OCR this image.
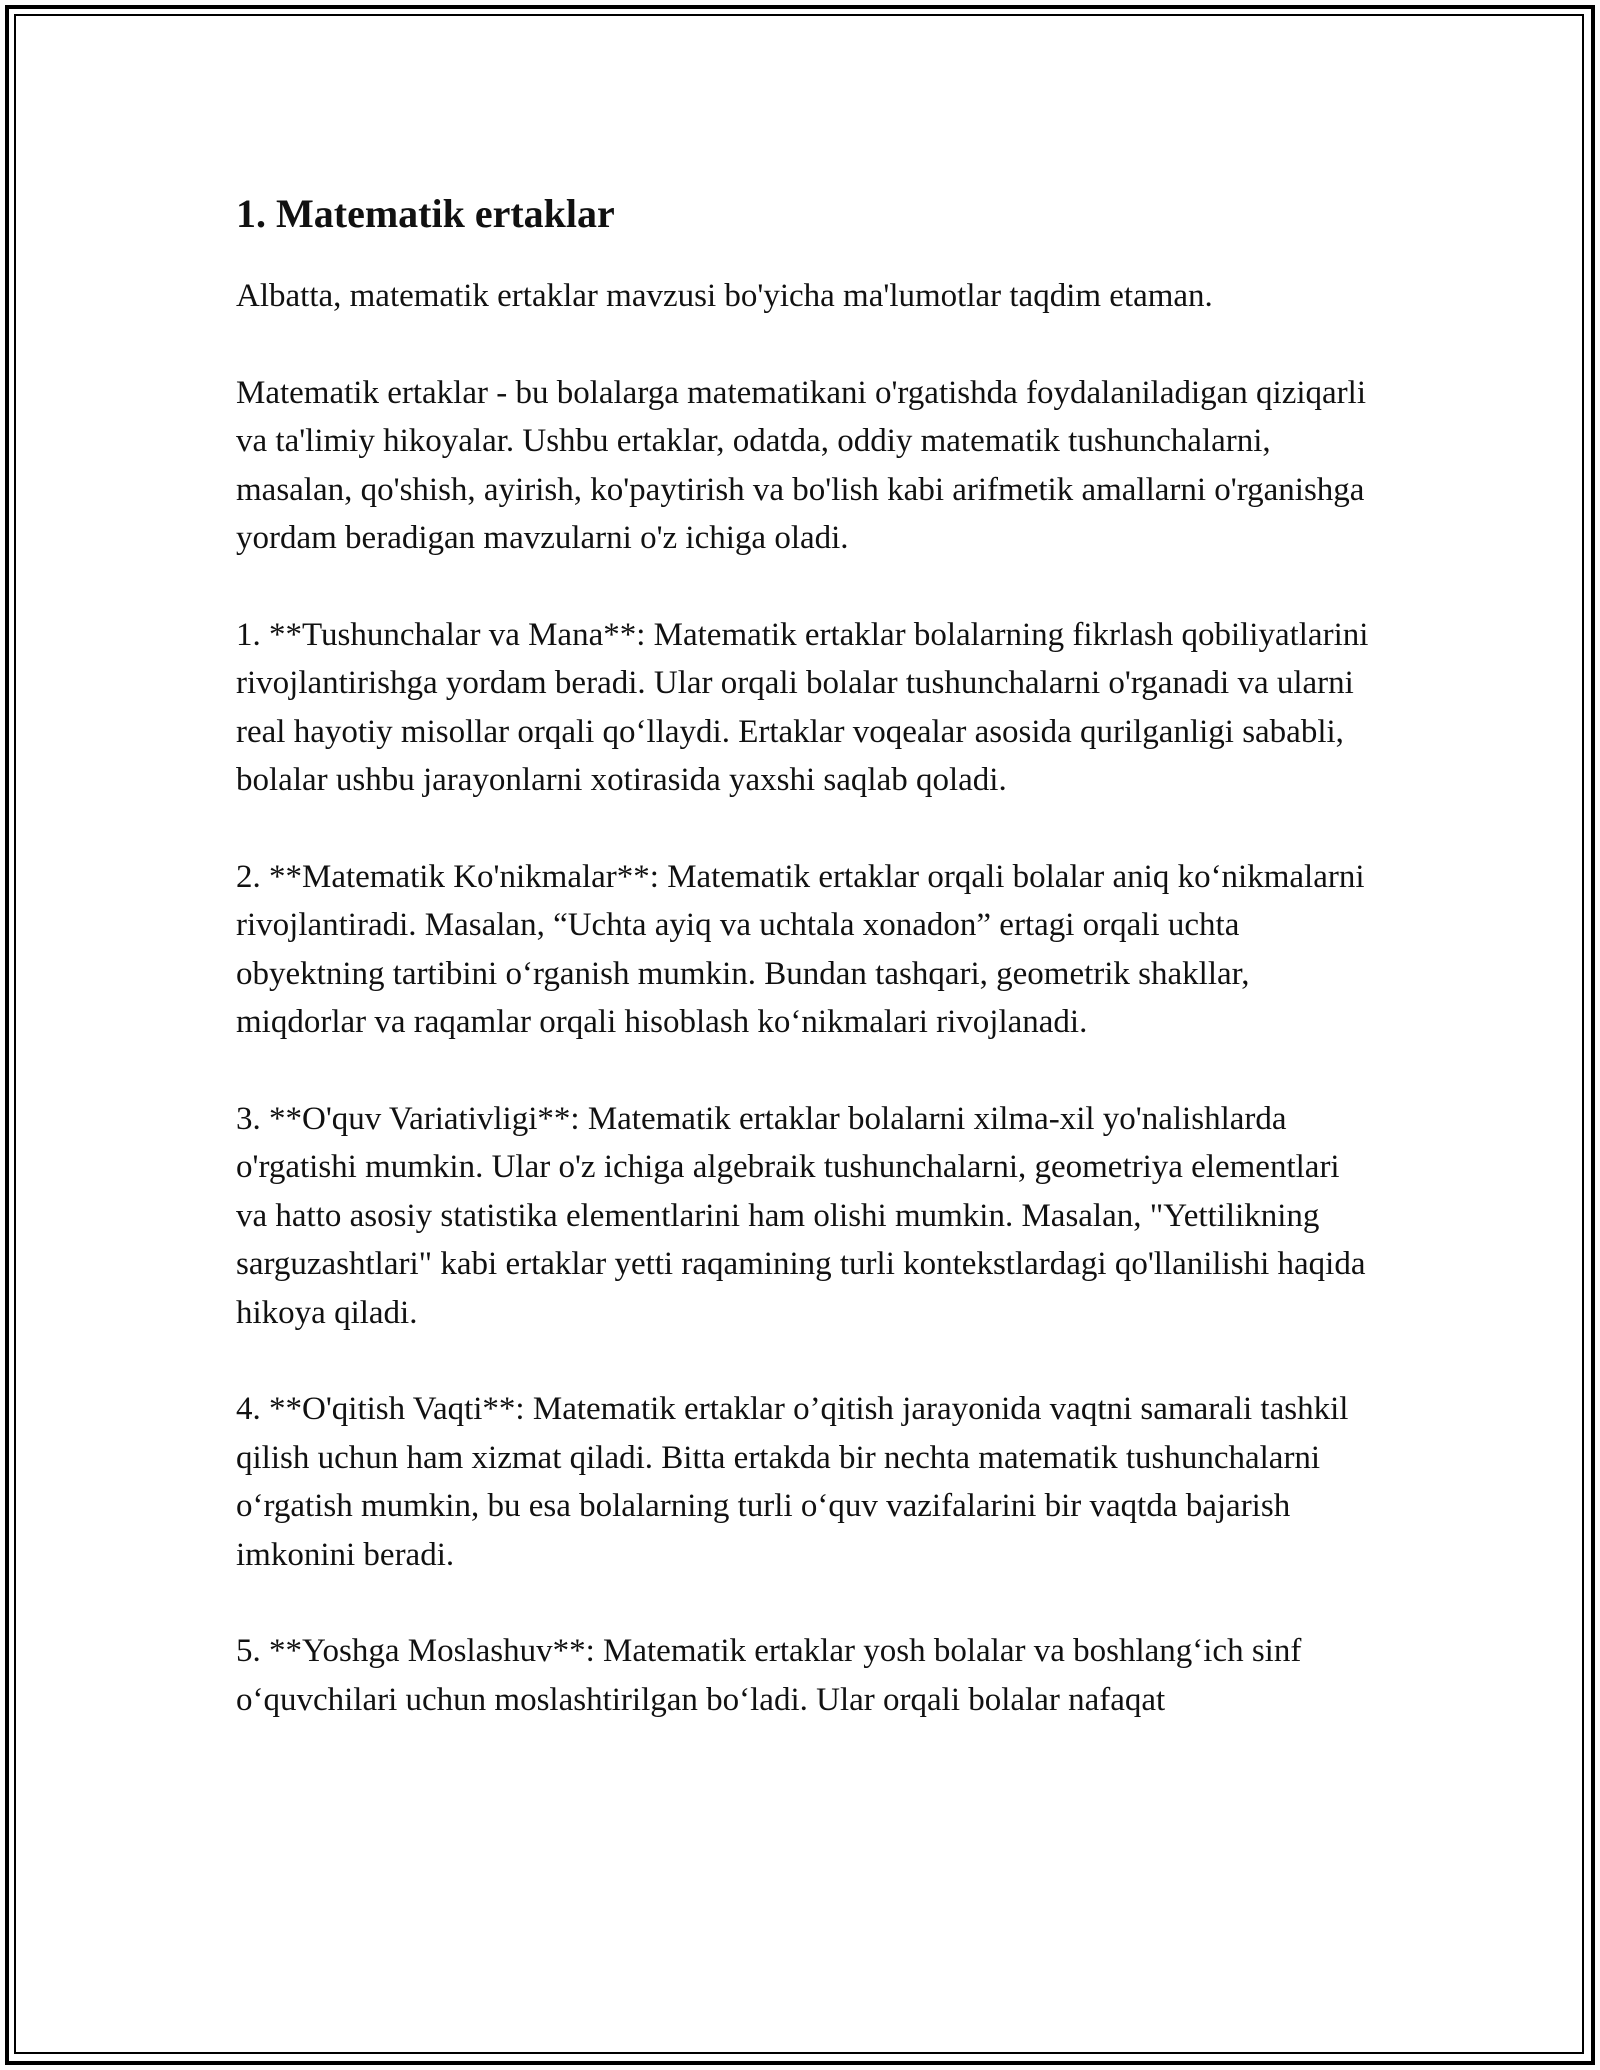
1. Matematik ertaklar

Albatta, matematik ertaklar mavzusi bo'yicha ma'lumotlar taqdim etaman.

Matematik ertaklar - bu bolalarga matematikani o'rgatishda foydalaniladigan qiziqarli va ta'limiy hikoyalar. Ushbu ertaklar, odatda, oddiy matematik tushunchalarni, masalan, qo'shish, ayirish, ko'paytirish va bo'lish kabi arifmetik amallarni o'rganishga yordam beradigan mavzularni o'z ichiga oladi.

1. **Tushunchalar va Mana**: Matematik ertaklar bolalarning fikrlash qobiliyatlarini rivojlantirishga yordam beradi. Ular orqali bolalar tushunchalarni o'rganadi va ularni real hayotiy misollar orqali qo‘llaydi. Ertaklar voqealar asosida qurilganligi sababli, bolalar ushbu jarayonlarni xotirasida yaxshi saqlab qoladi.

2. **Matematik Ko'nikmalar**: Matematik ertaklar orqali bolalar aniq ko‘nikmalarni rivojlantiradi. Masalan, “Uchta ayiq va uchtala xonadon” ertagi orqali uchta obyektning tartibini o‘rganish mumkin. Bundan tashqari, geometrik shakllar, miqdorlar va raqamlar orqali hisoblash ko‘nikmalari rivojlanadi.

3. **O'quv Variativligi**: Matematik ertaklar bolalarni xilma-xil yo'nalishlarda o'rgatishi mumkin. Ular o'z ichiga algebraik tushunchalarni, geometriya elementlari va hatto asosiy statistika elementlarini ham olishi mumkin. Masalan, "Yettilikning sarguzashtlari" kabi ertaklar yetti raqamining turli kontekstlardagi qo'llanilishi haqida hikoya qiladi.

4. **O'qitish Vaqti**: Matematik ertaklar o’qitish jarayonida vaqtni samarali tashkil qilish uchun ham xizmat qiladi. Bitta ertakda bir nechta matematik tushunchalarni o‘rgatish mumkin, bu esa bolalarning turli o‘quv vazifalarini bir vaqtda bajarish imkonini beradi.

5. **Yoshga Moslashuv**: Matematik ertaklar yosh bolalar va boshlang‘ich sinf o‘quvchilari uchun moslashtirilgan bo‘ladi. Ular orqali bolalar nafaqat
